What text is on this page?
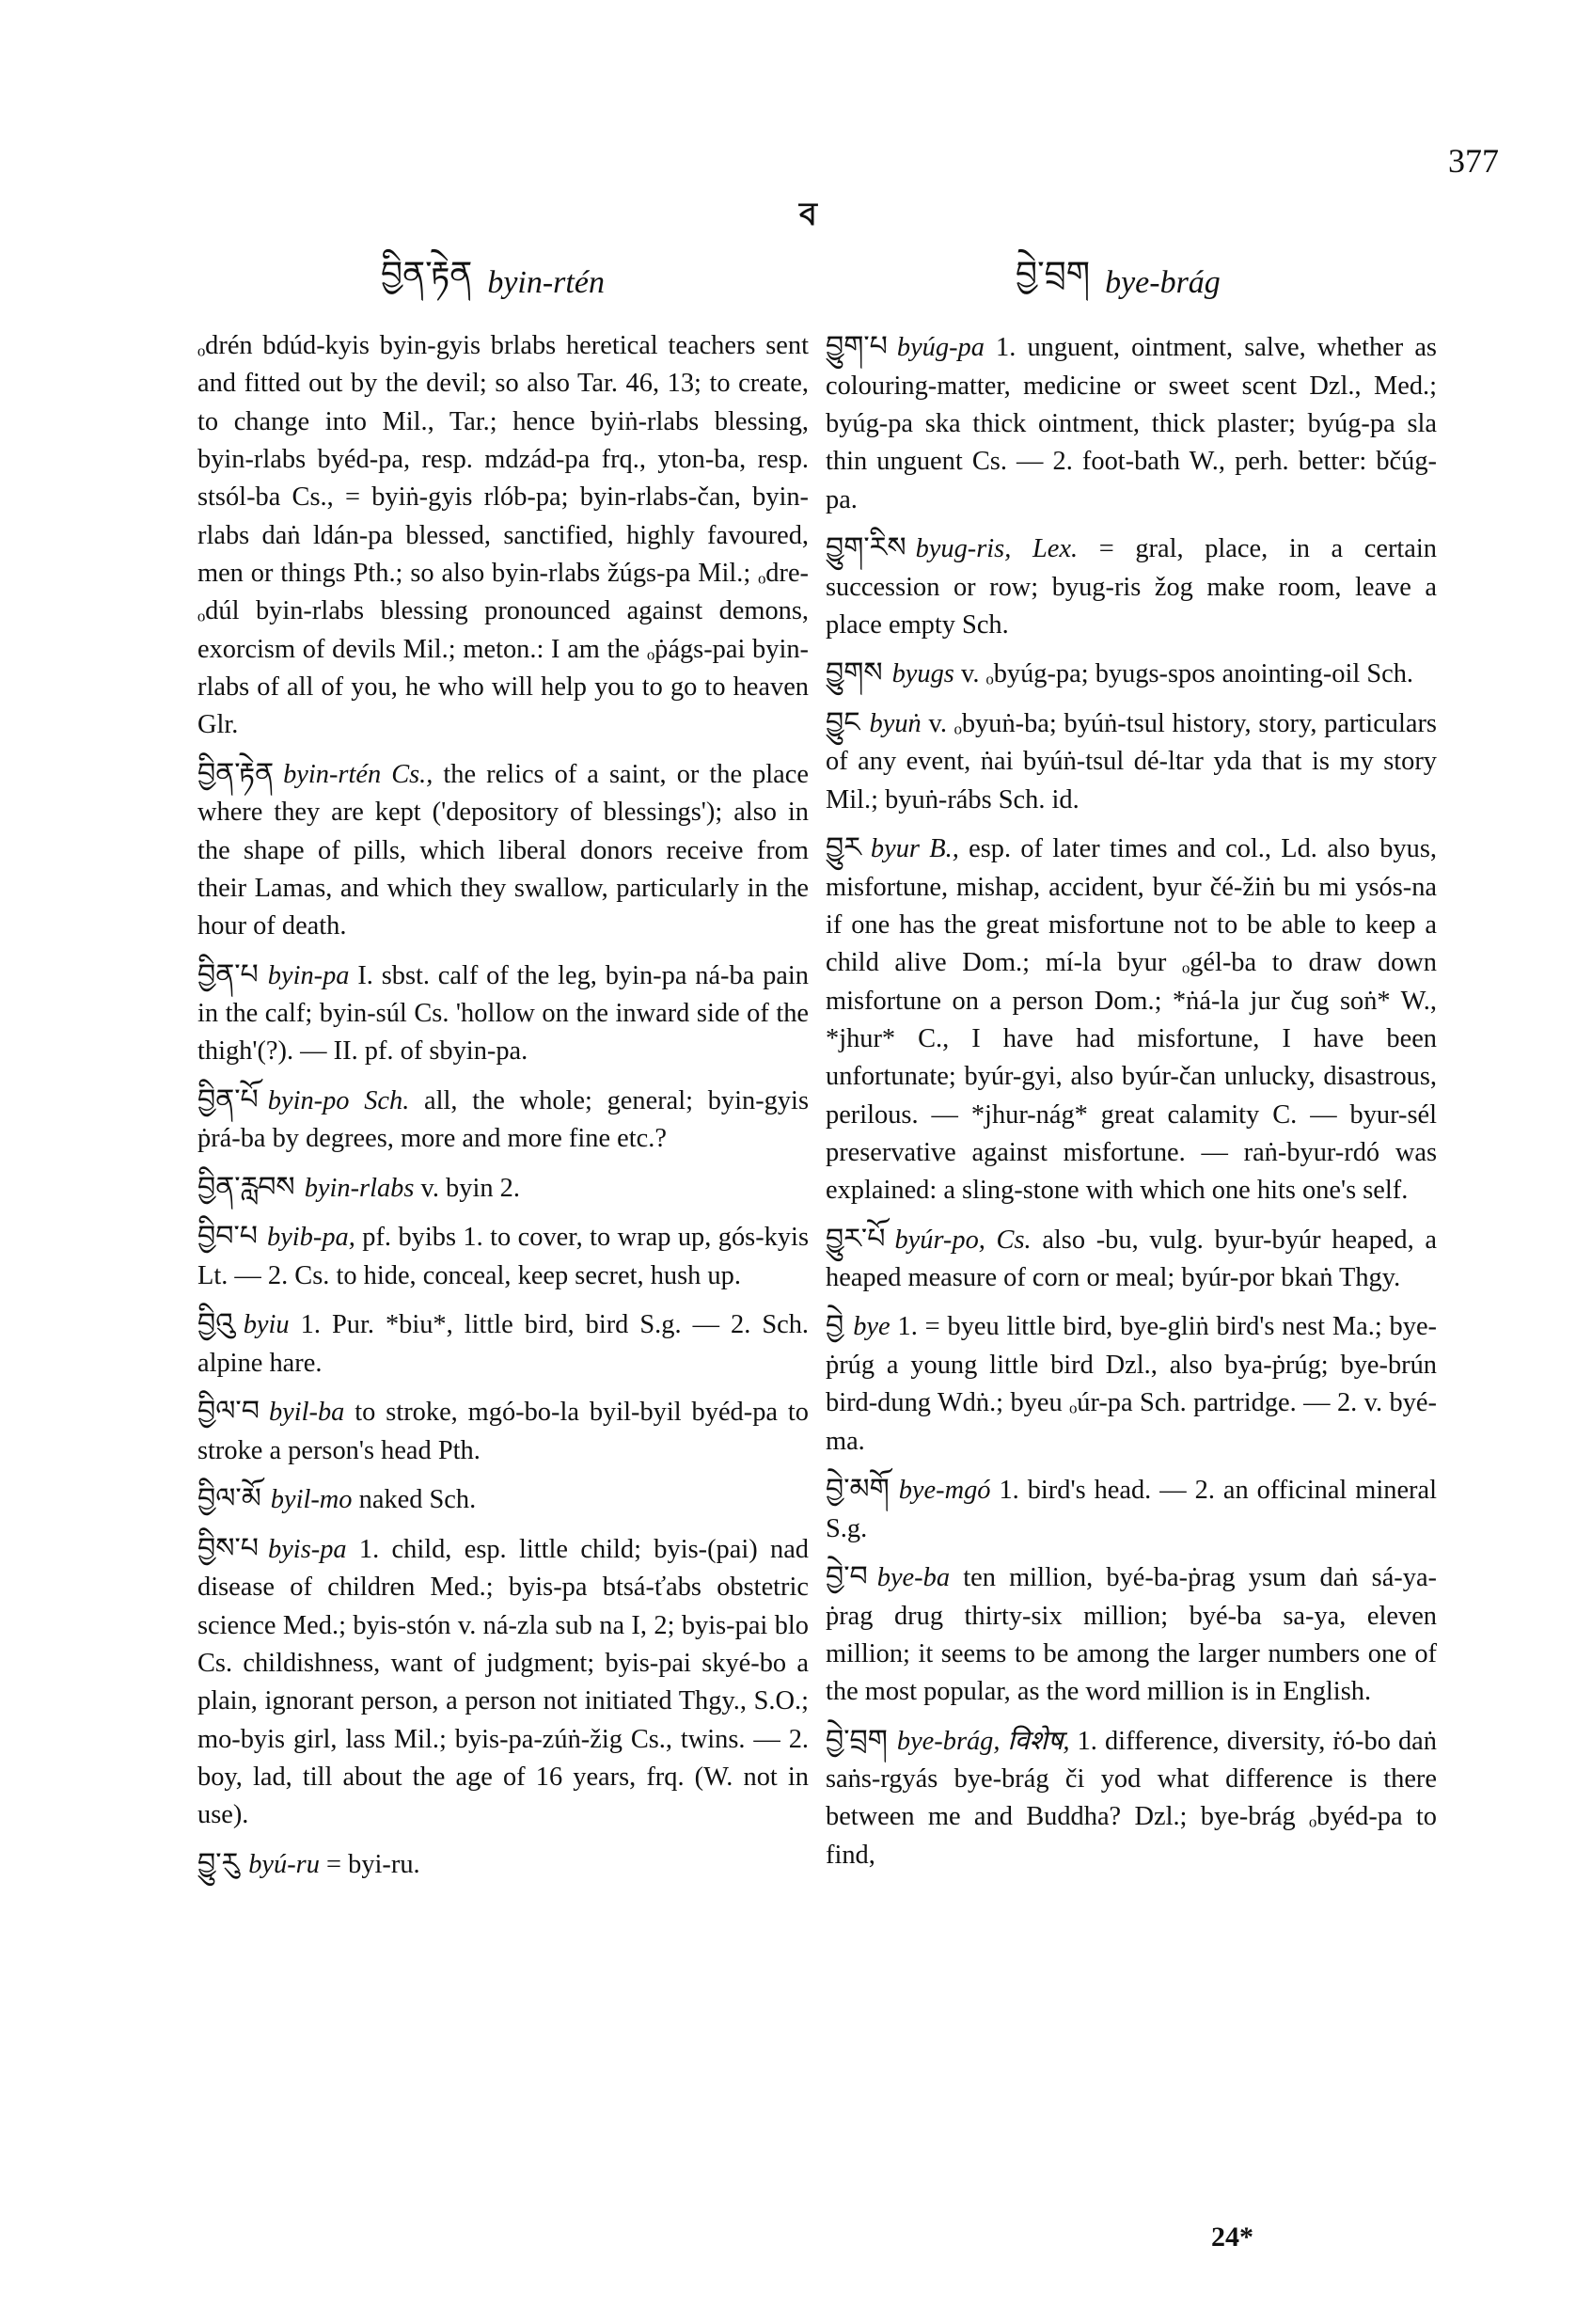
377
ব
བྱིན་རྟེན byin-rtén	བྱེ་བྲག bye-brág

ₒdrén bdúd-kyis byin-gyis brlabs heretical teachers sent and fitted out by the devil; so also Tar. 46, 13; to create, to change into Mil., Tar.; hence byiṅ-rlabs blessing, byin-rlabs byéd-pa, resp. mdzád-pa frq., yton-ba, resp. stsól-ba Cs., = byiṅ-gyis rlób-pa; byin-rlabs-čan, byin-rlabs daṅ ldán-pa blessed, sanctified, highly favoured, men or things Pth.; so also byin-rlabs žúgs-pa Mil.; ₒdre-ₒdúl byin-rlabs blessing pronounced against demons, exorcism of devils Mil.; meton.: I am the ₒṗágs-pai byin-rlabs of all of you, he who will help you to go to heaven Glr.

བྱིན་རྟེན byin-rtén Cs., the relics of a saint, or the place where they are kept ('depository of blessings'); also in the shape of pills, which liberal donors receive from their Lamas, and which they swallow, particularly in the hour of death.

བྱིན་པ byin-pa I. sbst. calf of the leg, byin-pa ná-ba pain in the calf; byin-súl Cs. 'hollow on the inward side of the thigh'(?). — II. pf. of sbyin-pa.

བྱིན་པོ byin-po Sch. all, the whole; general; byin-gyis ṗrá-ba by degrees, more and more fine etc.?

བྱིན་རླབས byin-rlabs v. byin 2.

བྱིབ་པ byib-pa, pf. byibs 1. to cover, to wrap up, gós-kyis Lt. — 2. Cs. to hide, conceal, keep secret, hush up.

བྱིའུ byiu 1. Pur. *biu*, little bird, bird S.g. — 2. Sch. alpine hare.

བྱིལ་བ byil-ba to stroke, mgó-bo-la byil-byil byéd-pa to stroke a person's head Pth.

བྱིལ་མོ byil-mo naked Sch.

བྱིས་པ byis-pa 1. child, esp. little child; byis-(pai) nad disease of children Med.; byis-pa btsá-ťabs obstetric science Med.; byis-stón v. ná-zla sub na I, 2; byis-pai blo Cs. childishness, want of judgment; byis-pai skyé-bo a plain, ignorant person, a person not initiated Thgy., S.O.; mo-byis girl, lass Mil.; byis-pa-zúṅ-žig Cs., twins. — 2. boy, lad, till about the age of 16 years, frq. (W. not in use).

བྱུ་རུ byú-ru = byi-ru.

བྱུག་པ byúg-pa 1. unguent, ointment, salve, whether as colouring-matter, medicine or sweet scent Dzl., Med.; byúg-pa ska thick ointment, thick plaster; byúg-pa sla thin unguent Cs. — 2. foot-bath W., perh. better: bčúg-pa.

བྱུག་རིས byug-ris, Lex. = gral, place, in a certain succession or row; byug-ris žog make room, leave a place empty Sch.

བྱུགས byugs v. ₒbyúg-pa; byugs-spos anointing-oil Sch.

བྱུང byuṅ v. ₒbyuṅ-ba; byúṅ-tsul history, story, particulars of any event, ṅai byúṅ-tsul dé-ltar yda that is my story Mil.; byuṅ-rábs Sch. id.

བྱུར byur B., esp. of later times and col., Ld. also byus, misfortune, mishap, accident, byur čé-žiṅ bu mi ysós-na if one has the great misfortune not to be able to keep a child alive Dom.; mí-la byur ₒgél-ba to draw down misfortune on a person Dom.; *ṅá-la jur čug soṅ* W., *jhur* C., I have had misfortune, I have been unfortunate; byúr-gyi, also byúr-čan unlucky, disastrous, perilous. — *jhur-nág* great calamity C. — byur-sél preservative against misfortune. — raṅ-byur-rdó was explained: a sling-stone with which one hits one's self.

བྱུར་པོ byúr-po, Cs. also -bu, vulg. byur-byúr heaped, a heaped measure of corn or meal; byúr-por bkaṅ Thgy.

བྱེ bye 1. = byeu little bird, bye-gliṅ bird's nest Ma.; bye-ṗrúg a young little bird Dzl., also bya-ṗrúg; bye-brún bird-dung Wdṅ.; byeu ₒúr-pa Sch. partridge. — 2. v. byé-ma.

བྱེ་མགོ bye-mgó 1. bird's head. — 2. an officinal mineral S.g.

བྱེ་བ bye-ba ten million, byé-ba-ṗrag ysum daṅ sá-ya-ṗrag drug thirty-six million; byé-ba sa-ya, eleven million; it seems to be among the larger numbers one of the most popular, as the word million is in English.

བྱེ་བྲག bye-brág, विशेष, 1. difference, diversity, ṙó-bo daṅ saṅs-rgyás bye-brág či yod what difference is there between me and Buddha? Dzl.; bye-brág ₒbyéd-pa to find,

24*
